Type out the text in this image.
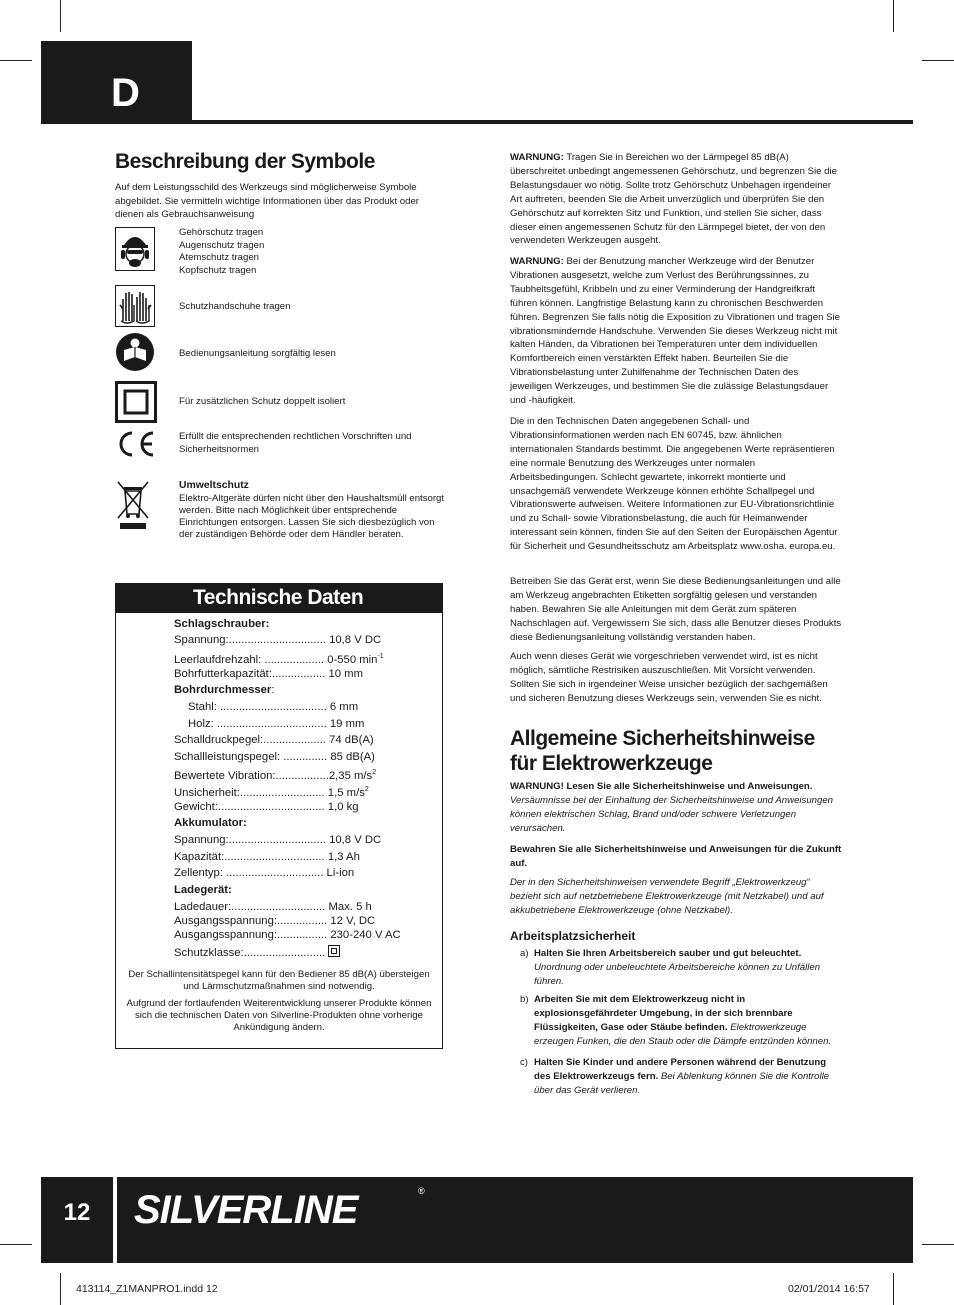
D
Beschreibung der Symbole
Auf dem Leistungsschild des Werkzeugs sind möglicherweise Symbole abgebildet. Sie vermitteln wichtige Informationen über das Produkt oder dienen als Gebrauchsanweisung
Gehörschutz tragen
Augenschutz tragen
Atemschutz tragen
Kopfschutz tragen
Schutzhandschuhe tragen
Bedienungsanleitung sorgfältig lesen
Für zusätzlichen Schutz doppelt isoliert
Erfüllt die entsprechenden rechtlichen Vorschriften und Sicherheitsnormen
Umweltschutz
Elektro-Altgeräte dürfen nicht über den Haushaltsmüll entsorgt werden. Bitte nach Möglichkeit über entsprechende Einrichtungen entsorgen. Lassen Sie sich diesbezüglich von der zuständigen Behörde oder dem Händler beraten.
Technische Daten
Schlagschrauber:
Spannung:............................... 10,8 V DC
Leerlaufdrehzahl: ................... 0-550 $\min^{-1}$
Bohrfutterkapazität:................. 10 mm
Bohrdurchmesser:
Stahl: .................................. 6 mm
Holz: ................................... 19 mm
Schalldruckpegel:.................... 74 dB(A)
Schallleistungspegel: .............. 85 dB(A)
Bewertete Vibration:.................2,35 $m/s^2$
Unsicherheit:........................... 1,5 $m/s^2$
Gewicht:.................................. 1,0 kg
Akkumulator:
Spannung:............................... 10,8 V DC
Kapazität:................................ 1,3 Ah
Zellentyp: ............................... Li-ion
Ladegerät:
Ladedauer:.............................. Max. 5 h
Ausgangsspannung:................ 12 V, DC
Ausgangsspannung:................ 230-240 V AC
Schutzklasse:..........................
Der Schallintensitätspegel kann für den Bediener 85 dB(A) übersteigen und Lärmschutzmaßnahmen sind notwendig.
Aufgrund der fortlaufenden Weiterentwicklung unserer Produkte können sich die technischen Daten von Silverline-Produkten ohne vorherige Ankündigung ändern.
WARNUNG: Tragen Sie in Bereichen wo der Lärmpegel 85 dB(A) überschreitet unbedingt angemessenen Gehörschutz, und begrenzen Sie die Belastungsdauer wo nötig. Sollte trotz Gehörschutz Unbehagen irgendeiner Art auftreten, beenden Sie die Arbeit unverzüglich und überprüfen Sie den Gehörschutz auf korrekten Sitz und Funktion, und stellen Sie sicher, dass dieser einen angemessenen Schutz für den Lärmpegel bietet, der von den verwendeten Werkzeugen ausgeht.
WARNUNG: Bei der Benutzung mancher Werkzeuge wird der Benutzer Vibrationen ausgesetzt, welche zum Verlust des Berührungssinnes, zu Taubheitsgefühl, Kribbeln und zu einer Verminderung der Handgreifkraft führen können. Langfristige Belastung kann zu chronischen Beschwerden führen. Begrenzen Sie falls nötig die Exposition zu Vibrationen und tragen Sie vibrationsmindernde Handschuhe. Verwenden Sie dieses Werkzeug nicht mit kalten Händen, da Vibrationen bei Temperaturen unter dem individuellen Komfortbereich einen verstärkten Effekt haben. Beurteilen Sie die Vibrationsbelastung unter Zuhilfenahme der Technischen Daten des jeweiligen Werkzeuges, und bestimmen Sie die zulässige Belastungsdauer und -häufigkeit.
Die in den Technischen Daten angegebenen Schall- und Vibrationsinformationen werden nach EN 60745, bzw. ähnlichen internationalen Standards bestimmt. Die angegebenen Werte repräsentieren eine normale Benutzung des Werkzeuges unter normalen Arbeitsbedingungen. Schlecht gewartete, inkorrekt montierte und unsachgemäß verwendete Werkzeuge können erhöhte Schallpegel und Vibrationswerte aufweisen. Weitere Informationen zur EU-Vibrationsrichtlinie und zu Schall- sowie Vibrationsbelastung, die auch für Heimanwender interessant sein können, finden Sie auf den Seiten der Europäischen Agentur für Sicherheit und Gesundheitsschutz am Arbeitsplatz www.osha. europa.eu.
Betreiben Sie das Gerät erst, wenn Sie diese Bedienungsanleitungen und alle am Werkzeug angebrachten Etiketten sorgfältig gelesen und verstanden haben. Bewahren Sie alle Anleitungen mit dem Gerät zum späteren Nachschlagen auf. Vergewissern Sie sich, dass alle Benutzer dieses Produkts diese Bedienungsanleitung vollständig verstanden haben.
Auch wenn dieses Gerät wie vorgeschrieben verwendet wird, ist es nicht möglich, sämtliche Restrisiken auszuschließen. Mit Vorsicht verwenden. Sollten Sie sich in irgendeiner Weise unsicher bezüglich der sachgemäßen und sicheren Benutzung dieses Werkzeugs sein, verwenden Sie es nicht.
Allgemeine Sicherheitshinweise für Elektrowerkzeuge
WARNUNG! Lesen Sie alle Sicherheitshinweise und Anweisungen.
Versäumnisse bei der Einhaltung der Sicherheitshinweise und Anweisungen können elektrischen Schlag, Brand und/oder schwere Verletzungen verursachen.
Bewahren Sie alle Sicherheitshinweise und Anweisungen für die Zukunft auf.
Der in den Sicherheitshinweisen verwendete Begriff „Elektrowerkzeug“ bezieht sich auf netzbetriebene Elektrowerkzeuge (mit Netzkabel) und auf akkubetriebene Elektrowerkzeuge (ohne Netzkabel).
Arbeitsplatzsicherheit
a) Halten Sie Ihren Arbeitsbereich sauber und gut beleuchtet.
Unordnung oder unbeleuchtete Arbeitsbereiche können zu Unfällen führen.
b) Arbeiten Sie mit dem Elektrowerkzeug nicht in explosionsgefährdeter Umgebung, in der sich brennbare Flüssigkeiten, Gase oder Stäube befinden. Elektrowerkzeuge erzeugen Funken, die den Staub oder die Dämpfe entzünden können.
c) Halten Sie Kinder und andere Personen während der Benutzung des Elektrowerkzeugs fern. Bei Ablenkung können Sie die Kontrolle über das Gerät verlieren.
12	SILVERLINE	®
413114_Z1MANPRO1.indd 12	02/01/2014 16:57
